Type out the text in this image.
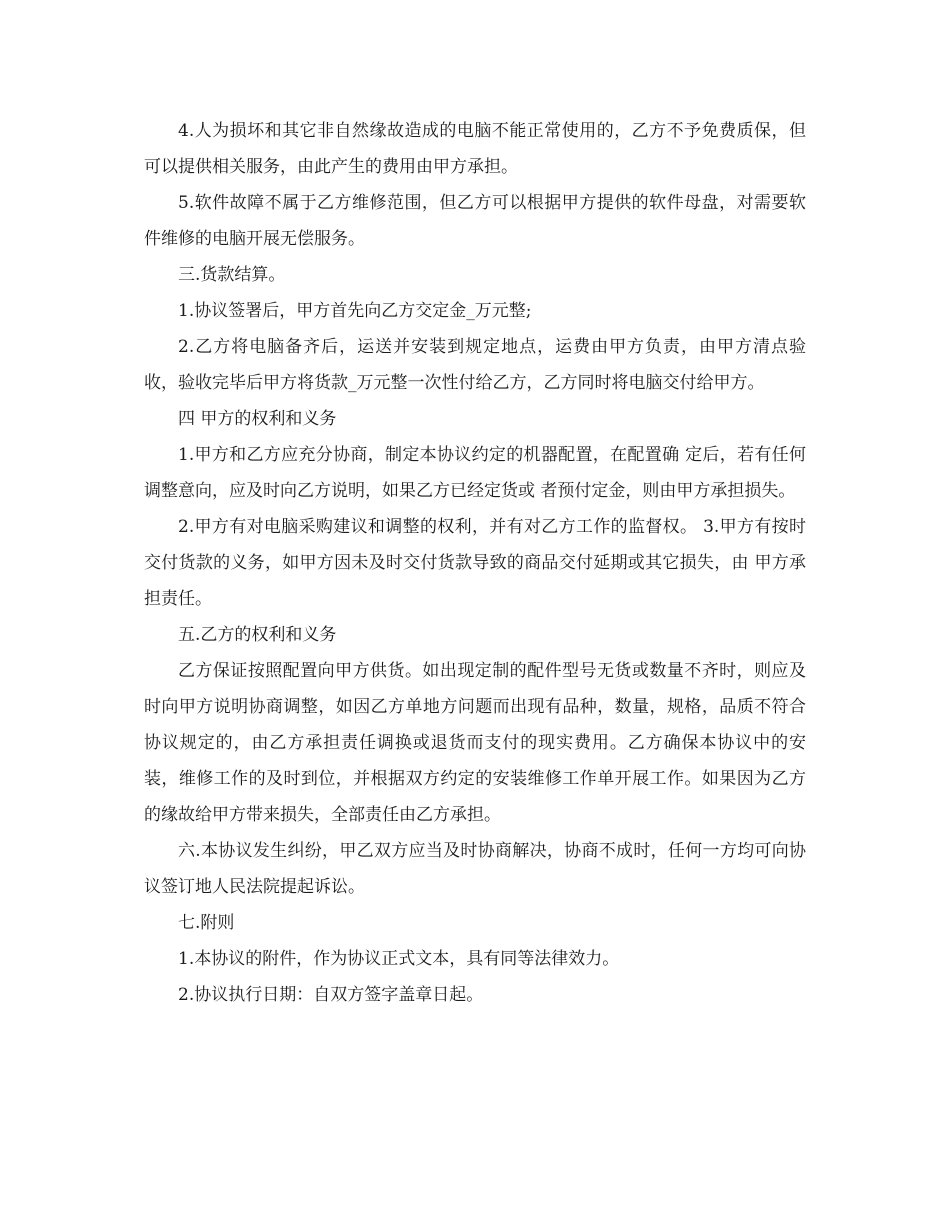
4.人为损坏和其它非自然缘故造成的电脑不能正常使用的，乙方不予免费质保，但可以提供相关服务，由此产生的费用由甲方承担。

5.软件故障不属于乙方维修范围，但乙方可以根据甲方提供的软件母盘，对需要软件维修的电脑开展无偿服务。

三.货款结算。

1.协议签署后，甲方首先向乙方交定金_万元整;

2.乙方将电脑备齐后，运送并安装到规定地点，运费由甲方负责，由甲方清点验收，验收完毕后甲方将货款_万元整一次性付给乙方，乙方同时将电脑交付给甲方。

四 甲方的权利和义务

1.甲方和乙方应充分协商，制定本协议约定的机器配置，在配置确 定后，若有任何调整意向，应及时向乙方说明，如果乙方已经定货或 者预付定金，则由甲方承担损失。

2.甲方有对电脑采购建议和调整的权利，并有对乙方工作的监督权。 3.甲方有按时交付货款的义务，如甲方因未及时交付货款导致的商品交付延期或其它损失，由 甲方承担责任。

五.乙方的权利和义务

乙方保证按照配置向甲方供货。如出现定制的配件型号无货或数量不齐时，则应及时向甲方说明协商调整，如因乙方单地方问题而出现有品种，数量，规格，品质不符合协议规定的，由乙方承担责任调换或退货而支付的现实费用。乙方确保本协议中的安装，维修工作的及时到位，并根据双方约定的安装维修工作单开展工作。如果因为乙方的缘故给甲方带来损失，全部责任由乙方承担。

六.本协议发生纠纷，甲乙双方应当及时协商解决，协商不成时，任何一方均可向协议签订地人民法院提起诉讼。

七.附则

1.本协议的附件，作为协议正式文本，具有同等法律效力。

2.协议执行日期：自双方签字盖章日起。
